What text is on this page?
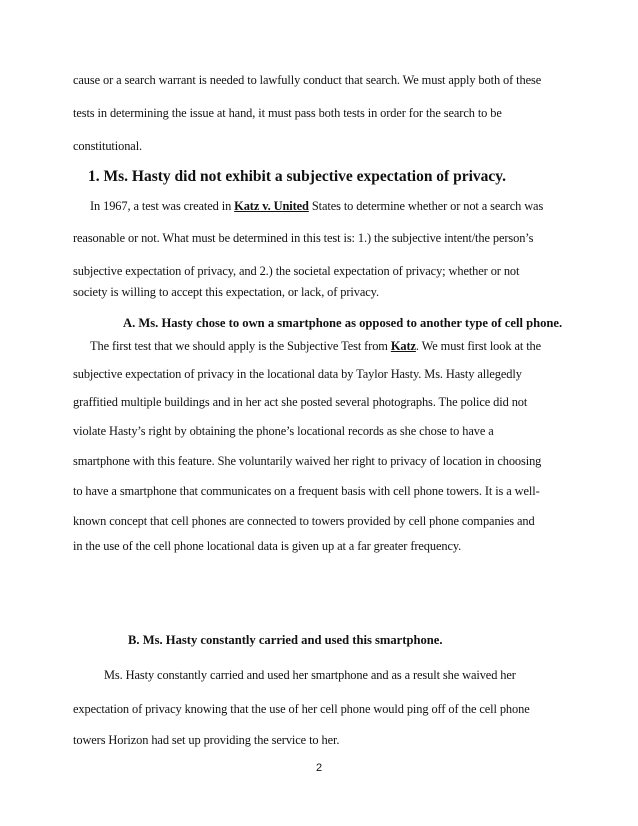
cause or a search warrant is needed to lawfully conduct that search. We must apply both of these
tests in determining the issue at hand, it must pass both tests in order for the search to be
constitutional.
1. Ms. Hasty did not exhibit a subjective expectation of privacy.
In 1967, a test was created in Katz v. United States to determine whether or not a search was
reasonable or not. What must be determined in this test is: 1.) the subjective intent/the person’s
subjective expectation of privacy, and 2.) the societal expectation of privacy; whether or not
society is willing to accept this expectation, or lack, of privacy.
A. Ms. Hasty chose to own a smartphone as opposed to another type of cell phone.
The first test that we should apply is the Subjective Test from Katz. We must first look at the
subjective expectation of privacy in the locational data by Taylor Hasty. Ms. Hasty allegedly
graffitied multiple buildings and in her act she posted several photographs. The police did not
violate Hasty’s right by obtaining the phone’s locational records as she chose to have a
smartphone with this feature. She voluntarily waived her right to privacy of location in choosing
to have a smartphone that communicates on a frequent basis with cell phone towers. It is a well-
known concept that cell phones are connected to towers provided by cell phone companies and
in the use of the cell phone locational data is given up at a far greater frequency.
B. Ms. Hasty constantly carried and used this smartphone.
Ms. Hasty constantly carried and used her smartphone and as a result she waived her
expectation of privacy knowing that the use of her cell phone would ping off of the cell phone
towers Horizon had set up providing the service to her.
2
